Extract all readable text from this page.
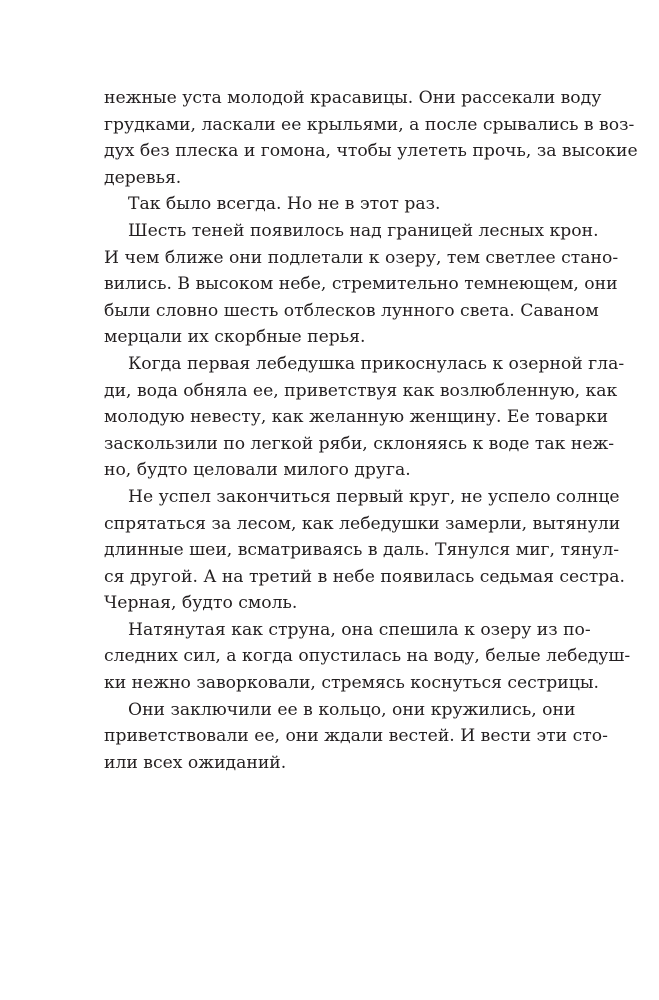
нежные уста молодой красавицы. Они рассекали воду
грудками, ласкали ее крыльями, а после срывались в воз-
дух без плеска и гомона, чтобы улететь прочь, за высокие
деревья.

Так было всегда. Но не в этот раз.

Шесть теней появилось над границей лесных крон.
И чем ближе они подлетали к озеру, тем светлее стано-
вились. В высоком небе, стремительно темнеющем, они
были словно шесть отблесков лунного света. Саваном
мерцали их скорбные перья.

Когда первая лебедушка прикоснулась к озерной гла-
ди, вода обняла ее, приветствуя как возлюбленную, как
молодую невесту, как желанную женщину. Ее товарки
заскользили по легкой ряби, склоняясь к воде так неж-
но, будто целовали милого друга.

Не успел закончиться первый круг, не успело солнце
спрятаться за лесом, как лебедушки замерли, вытянули
длинные шеи, всматриваясь в даль. Тянулся миг, тянул-
ся другой. А на третий в небе появилась седьмая сестра.
Черная, будто смоль.

Натянутая как струна, она спешила к озеру из по-
следних сил, а когда опустилась на воду, белые лебедуш-
ки нежно заворковали, стремясь коснуться сестрицы.

Они заключили ее в кольцо, они кружились, они
приветствовали ее, они ждали вестей. И вести эти сто-
или всех ожиданий.
